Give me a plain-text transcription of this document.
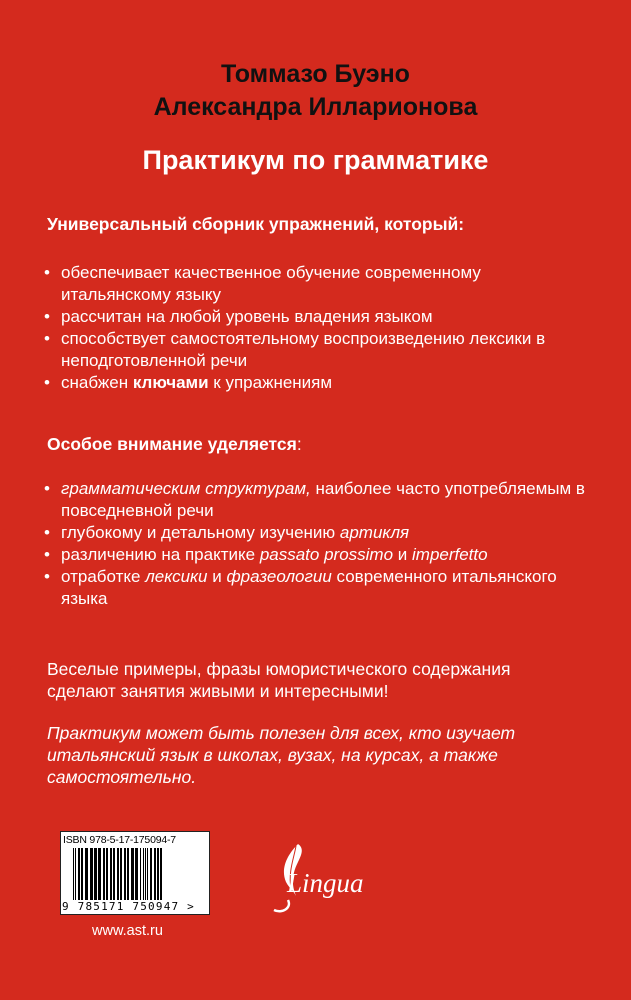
Томмазо Буэно
Александра Илларионова
Практикум по грамматике
Универсальный сборник упражнений, который:
• обеспечивает качественное обучение современному итальянскому языку
• рассчитан на любой уровень владения языком
• способствует самостоятельному воспроизведению лексики в неподготовленной речи
• снабжен ключами к упражнениям
Особое внимание уделяется:
• грамматическим структурам, наиболее часто употребляемым в повседневной речи
• глубокому и детальному изучению артикля
• различению на практике passato prossimo и imperfetto
• отработке лексики и фразеологии современного итальянского языка
Веселые примеры, фразы юмористического содержания сделают занятия живыми и интересными!
Практикум может быть полезен для всех, кто изучает итальянский язык в школах, вузах, на курсах, а также самостоятельно.
ISBN 978-5-17-175094-7
9 785171 750947 >
Lingua
www.ast.ru
